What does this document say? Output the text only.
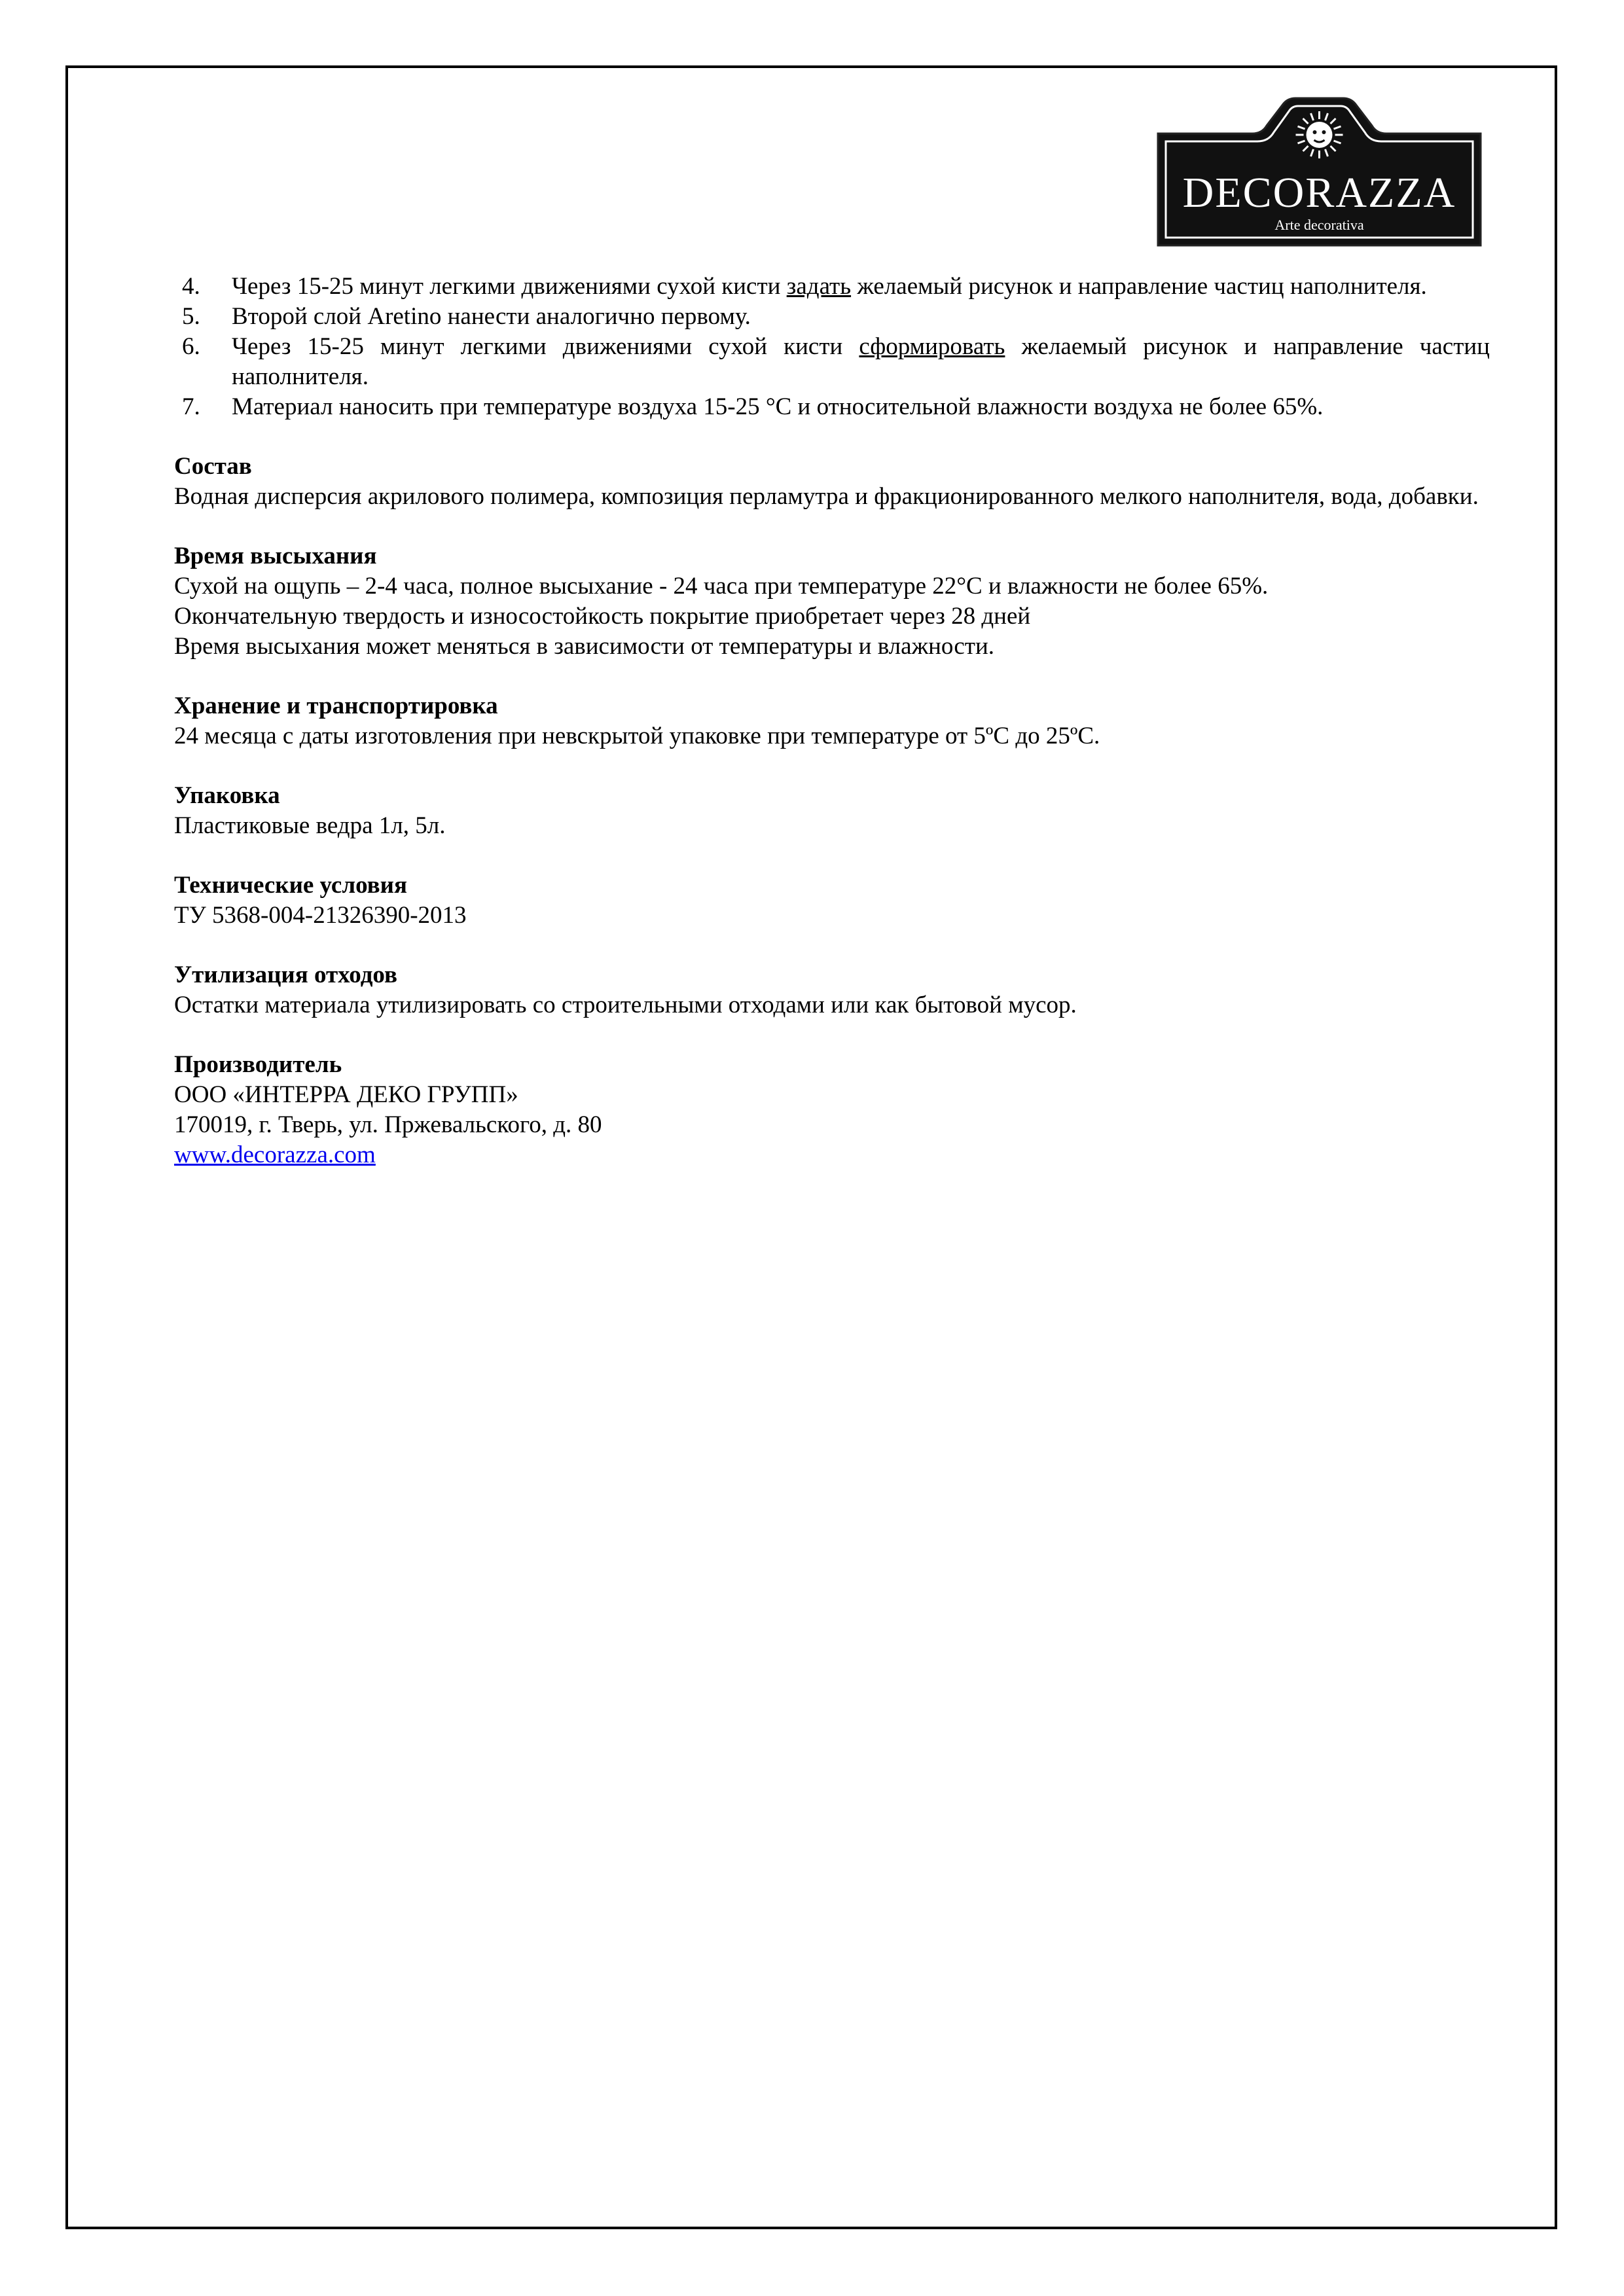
DECORAZZA
Arte decorativa
4.	Через 15-25 минут легкими движениями сухой кисти задать желаемый рисунок и направление частиц наполнителя.
5.	Второй слой Aretino нанести аналогично первому.
6.	Через 15-25 минут легкими движениями сухой кисти сформировать желаемый рисунок и направление частиц наполнителя.
7.	Материал наносить при температуре воздуха 15-25 °С и относительной влажности воздуха не более 65%.

Состав

Водная дисперсия акрилового полимера, композиция перламутра и фракционированного мелкого наполнителя, вода, добавки.

Время высыхания

Сухой на ощупь – 2-4 часа, полное высыхание - 24 часа при температуре 22°С и влажности не более 65%.

Окончательную твердость и износостойкость покрытие приобретает через 28 дней

Время высыхания может меняться в зависимости от температуры и влажности.

Хранение и транспортировка

24 месяца с даты изготовления при невскрытой упаковке при температуре от 5ºС до 25ºС.

Упаковка

Пластиковые ведра 1л, 5л.

Технические условия

ТУ 5368-004-21326390-2013

Утилизация отходов

Остатки материала утилизировать со строительными отходами или как бытовой мусор.

Производитель

ООО «ИНТЕРРА ДЕКО ГРУПП»

170019, г. Тверь, ул. Пржевальского, д. 80

www.decorazza.com
